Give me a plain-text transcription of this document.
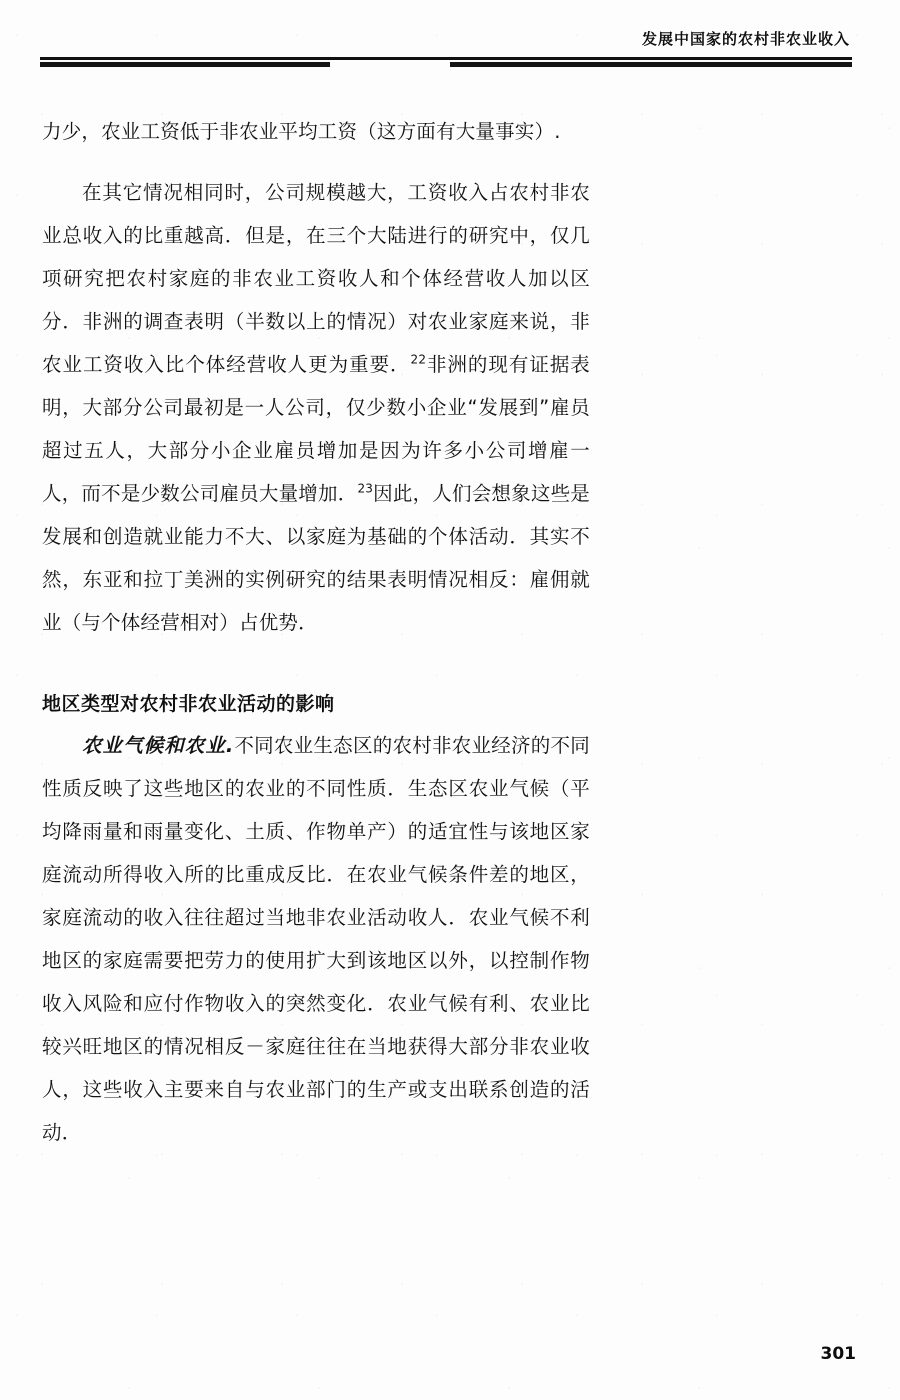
发展中国家的农村非农业收入

力少，农业工资低于非农业平均工资（这方面有大量事实）.

在其它情况相同时，公司规模越大，工资收入占农村非农业总收入的比重越高．但是，在三个大陆进行的研究中，仅几项研究把农村家庭的非农业工资收人和个体经营收人加以区分．非洲的调查表明（半数以上的情况）对农业家庭来说，非农业工资收入比个体经营收人更为重要．$^{22}$非洲的现有证据表明，大部分公司最初是一人公司，仅少数小企业“发展到”雇员超过五人，大部分小企业雇员增加是因为许多小公司增雇一人，而不是少数公司雇员大量增加．$^{23}$因此，人们会想象这些是发展和创造就业能力不大、以家庭为基础的个体活动．其实不然，东亚和拉丁美洲的实例研究的结果表明情况相反：雇佣就业（与个体经营相对）占优势．

地区类型对农村非农业活动的影响

农业气候和农业.不同农业生态区的农村非农业经济的不同性质反映了这些地区的农业的不同性质．生态区农业气候（平均降雨量和雨量变化、土质、作物单产）的适宜性与该地区家庭流动所得收入所的比重成反比．在农业气候条件差的地区，家庭流动的收入往往超过当地非农业活动收人．农业气候不利地区的家庭需要把劳力的使用扩大到该地区以外，以控制作物收入风险和应付作物收入的突然变化．农业气候有利、农业比较兴旺地区的情况相反－家庭往往在当地获得大部分非农业收人，这些收入主要来自与农业部门的生产或支出联系创造的活动．

301
